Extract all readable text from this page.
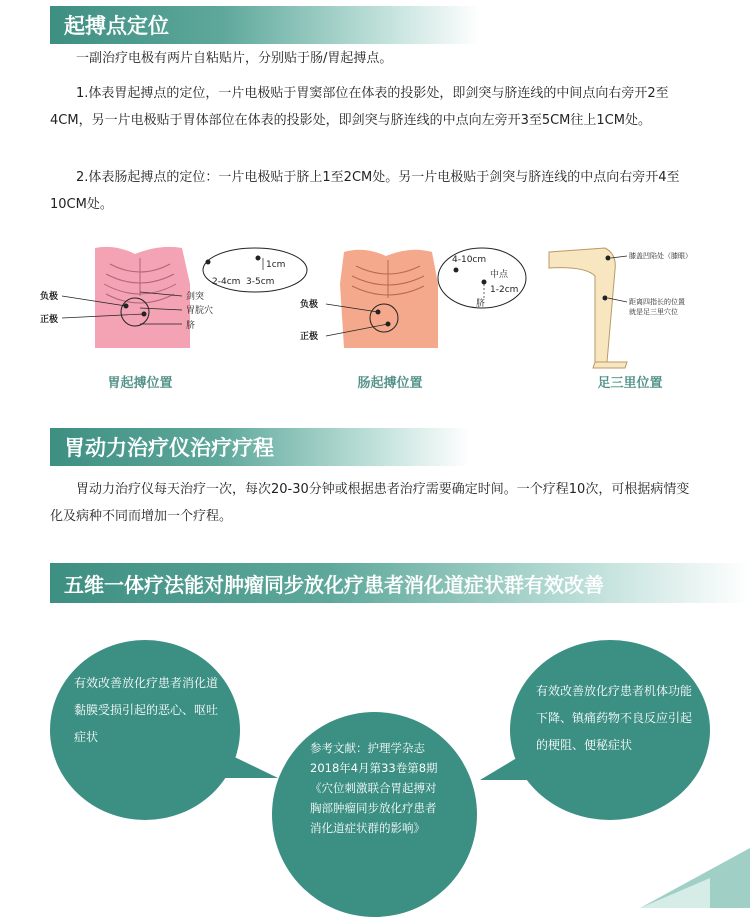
起搏点定位
一副治疗电极有两片自粘贴片，分别贴于肠/胃起搏点。
1.体表胃起搏点的定位，一片电极贴于胃窦部位在体表的投影处，即剑突与脐连线的中间点向右旁开2至4CM，另一片电极贴于胃体部位在体表的投影处，即剑突与脐连线的中点向左旁开3至5CM往上1CM处。
2.体表肠起搏点的定位：一片电极贴于脐上1至2CM处。另一片电极贴于剑突与脐连线的中点向右旁开4至10CM处。
负极
正极
剑突
胃脘穴
脐
1cm
2-4cm 3-5cm
胃起搏位置
负极
正极
4-10cm
中点
1-2cm
脐
肠起搏位置
膝盖凹陷处（膝眼）
距离四指长的位置
就是足三里穴位
足三里位置
胃动力治疗仪治疗疗程
胃动力治疗仪每天治疗一次，每次20-30分钟或根据患者治疗需要确定时间。一个疗程10次，可根据病情变化及病种不同而增加一个疗程。
五维一体疗法能对肿瘤同步放化疗患者消化道症状群有效改善
有效改善放化疗患者消化道黏膜受损引起的恶心、呕吐症状
有效改善放化疗患者机体功能下降、镇痛药物不良反应引起的梗阻、便秘症状
参考文献：护理学杂志2018年4月第33卷第8期《穴位刺激联合胃起搏对胸部肿瘤同步放化疗患者消化道症状群的影响》
